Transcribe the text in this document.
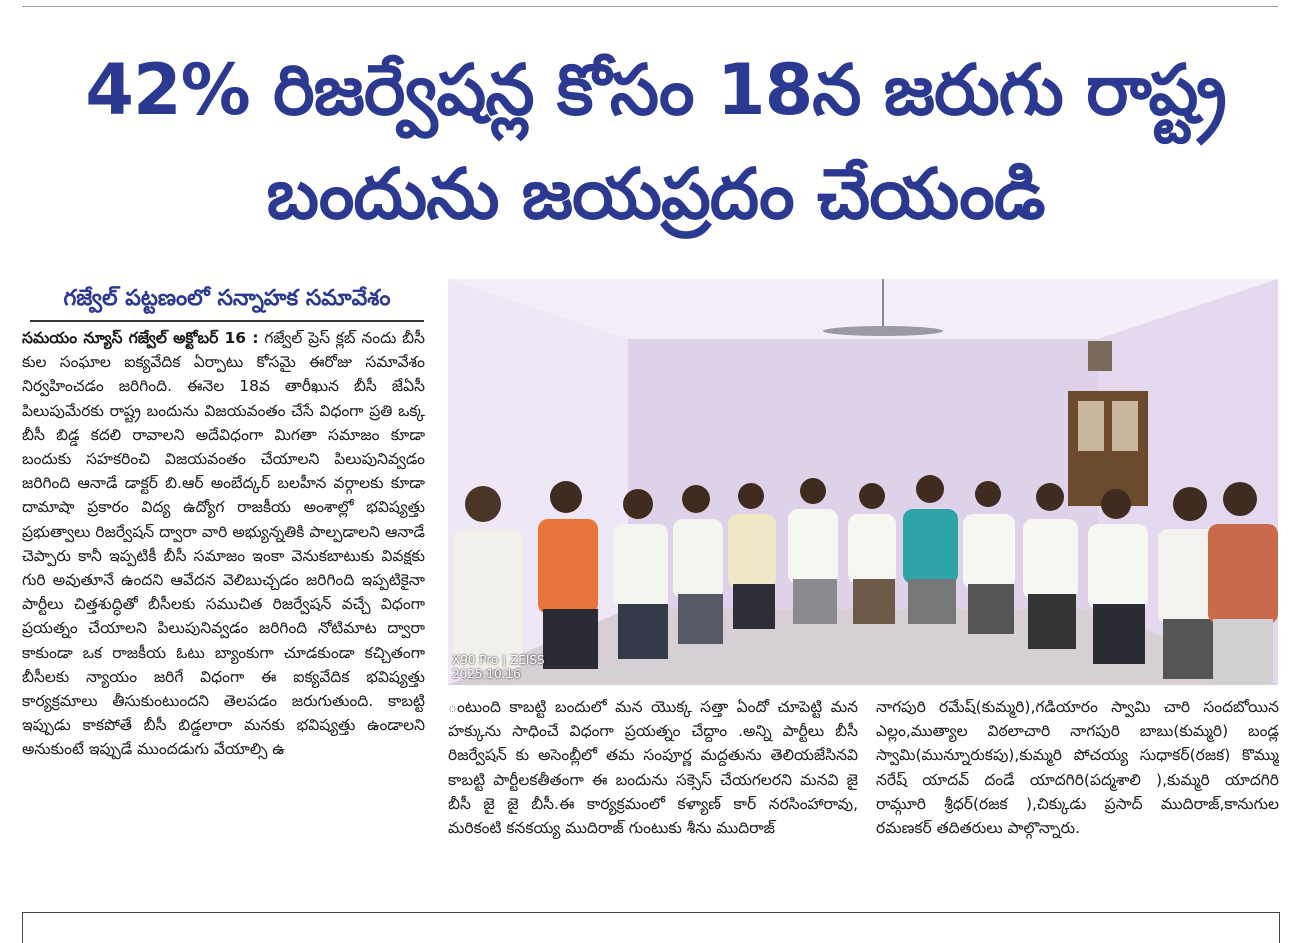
42% రిజర్వేషన్ల కోసం 18న జరుగు రాష్ట్ర
బందును జయప్రదం చేయండి
గజ్వేల్ పట్టణంలో సన్నాహక సమావేశం
సమయం న్యూస్ గజ్వేల్ అక్టోబర్ 16 : గజ్వేల్ ప్రెస్ క్లబ్ నందు బీసీ కుల సంఘాల ఐక్యవేదిక ఏర్పాటు కోసమై ఈరోజు సమావేశం నిర్వహించడం జరిగింది. ఈనెల 18వ తారీఖున బీసీ జేఏసీ పిలుపుమేరకు రాష్ట్ర బందును విజయవంతం చేసే విధంగా ప్రతి ఒక్క బీసీ బిడ్డ కదలి రావాలని అదేవిధంగా మిగతా సమాజం కూడా బందుకు సహకరించి విజయవంతం చేయాలని పిలుపునివ్వడం జరిగింది ఆనాడే డాక్టర్ బి.ఆర్ అంబేద్కర్ బలహీన వర్గాలకు కూడా దామాషా ప్రకారం విద్య ఉద్యోగ రాజకీయ అంశాల్లో భవిష్యత్తు ప్రభుత్వాలు రిజర్వేషన్ ద్వారా వారి అభ్యున్నతికి పాల్పడాలని ఆనాడే చెప్పారు కానీ ఇప్పటికీ బీసీ సమాజం ఇంకా వెనుకబాటుకు వివక్షకు గురి అవుతూనే ఉందని ఆవేదన వెలిబుచ్చడం జరిగింది ఇప్పటికైనా పార్టీలు చిత్తశుద్ధితో బీసీలకు సముచిత రిజర్వేషన్ వచ్చే విధంగా ప్రయత్నం చేయాలని పిలుపునివ్వడం జరిగింది నోటిమాట ద్వారా కాకుండా ఒక రాజకీయ ఓటు బ్యాంకుగా చూడకుండా కచ్చితంగా బీసీలకు న్యాయం జరిగే విధంగా ఈ ఐక్యవేదిక భవిష్యత్తు కార్యక్రమాలు తీసుకుంటుందని తెలపడం జరుగుతుంది. కాబట్టి ఇప్పుడు కాకపోతే బీసీ బిడ్డలారా మనకు భవిష్యత్తు ఉండాలని అనుకుంటే ఇప్పుడే ముందడుగు వేయాల్సి ఉ
X90 Pro | ZEISS
2025.10.16
ంటుంది కాబట్టి బందులో మన యొక్క సత్తా ఏందో చూపెట్టి మన హక్కును సాధించే విధంగా ప్రయత్నం చేద్దాం .అన్ని పార్టీలు బీసీ రిజర్వేషన్ కు అసెంబ్లీలో తమ సంపూర్ణ మద్దతును తెలియజేసినవి కాబట్టి పార్టీలకతీతంగా ఈ బందును సక్సెస్ చేయగలరని మనవి జై బీసీ జై జై బీసీ.ఈ కార్యక్రమంలో కళ్యాణ్ కార్ నరసింహారావు, మరికంటి కనకయ్య ముదిరాజ్ గుంటుకు శీను ముదిరాజ్
నాగపురి రమేష్(కుమ్మరి),గడియారం స్వామి చారి సందబోయిన ఎల్లం,ముత్యాల విఠలాచారి నాగపురి బాబు(కుమ్మరి) బండ్ల స్వామి(మున్నూరుకపు),కుమ్మరి పోచయ్య సుధాకర్(రజక) కొమ్ము నరేష్ యాదవ్ దండే యాదగిరి(పద్మశాలి ),కుమ్మరి యాదగిరి రామ్గూరి శ్రీధర్(రజక ),చిక్కుడు ప్రసాద్ ముదిరాజ్,కానుగుల రమణకర్ తదితరులు పాల్గొన్నారు.
